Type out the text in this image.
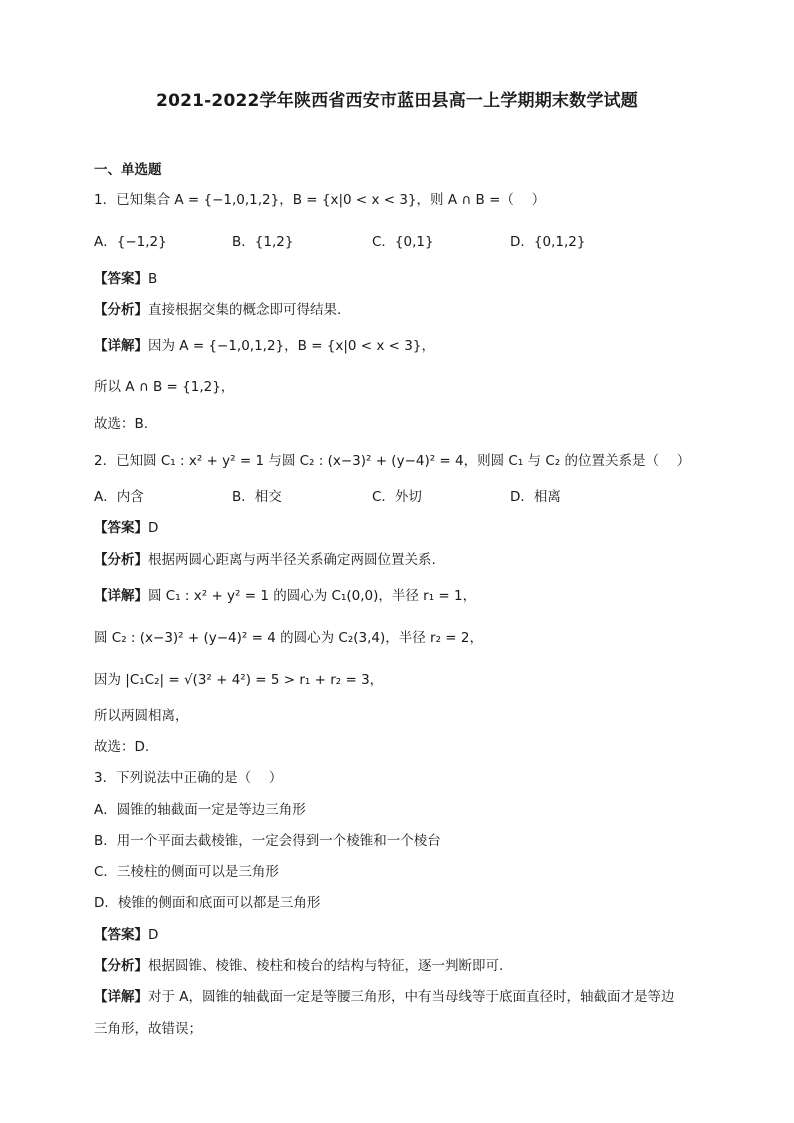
2021-2022学年陕西省西安市蓝田县高一上学期期末数学试题
一、单选题
1．已知集合 A = {−1,0,1,2}，B = {x|0 < x < 3}，则 A ∩ B =（　 ）
A．{−1,2}	B．{1,2}	C．{0,1}	D．{0,1,2}
【答案】B
【分析】直接根据交集的概念即可得结果.
【详解】因为 A = {−1,0,1,2}，B = {x|0 < x < 3}，
所以 A ∩ B = {1,2}，
故选：B.
2．已知圆 C₁ : x² + y² = 1 与圆 C₂ : (x−3)² + (y−4)² = 4，则圆 C₁ 与 C₂ 的位置关系是（　 ）
A．内含	B．相交	C．外切	D．相离
【答案】D
【分析】根据两圆心距离与两半径关系确定两圆位置关系.
【详解】圆 C₁ : x² + y² = 1 的圆心为 C₁(0,0)，半径 r₁ = 1，
圆 C₂ : (x−3)² + (y−4)² = 4 的圆心为 C₂(3,4)，半径 r₂ = 2，
因为 |C₁C₂| = √(3² + 4²) = 5 > r₁ + r₂ = 3，
所以两圆相离，
故选：D.
3．下列说法中正确的是（　 ）
A．圆锥的轴截面一定是等边三角形
B．用一个平面去截棱锥，一定会得到一个棱锥和一个棱台
C．三棱柱的侧面可以是三角形
D．棱锥的侧面和底面可以都是三角形
【答案】D
【分析】根据圆锥、棱锥、棱柱和棱台的结构与特征，逐一判断即可.
【详解】对于 A，圆锥的轴截面一定是等腰三角形，中有当母线等于底面直径时，轴截面才是等边
三角形，故错误；
